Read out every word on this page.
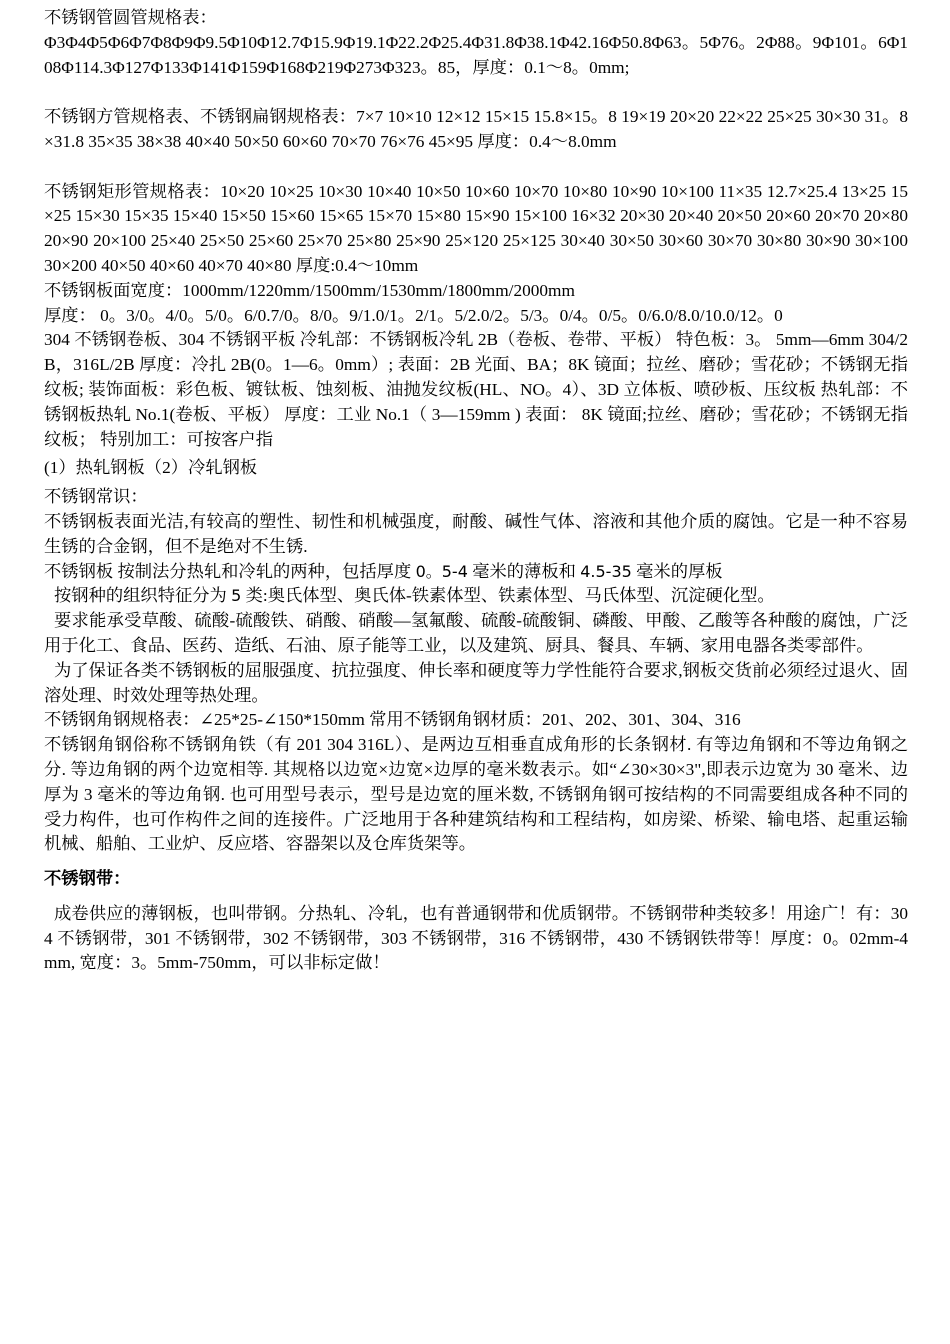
不锈钢管圆管规格表：

Φ3Φ4Φ5Φ6Φ7Φ8Φ9Φ9.5Φ10Φ12.7Φ15.9Φ19.1Φ22.2Φ25.4Φ31.8Φ38.1Φ42.16Φ50.8Φ63。5Φ76。2Φ88。9Φ101。6Φ108Φ114.3Φ127Φ133Φ141Φ159Φ168Φ219Φ273Φ323。85，厚度：0.1～8。0mm;

不锈钢方管规格表、不锈钢扁钢规格表：7×7 10×10 12×12 15×15 15.8×15。8 19×19 20×20 22×22 25×25 30×30 31。8×31.8 35×35 38×38 40×40 50×50 60×60 70×70 76×76 45×95 厚度：0.4～8.0mm

不锈钢矩形管规格表：10×20 10×25 10×30 10×40 10×50 10×60 10×70 10×80 10×90 10×100 11×35 12.7×25.4 13×25 15×25 15×30 15×35 15×40 15×50 15×60 15×65 15×70 15×80 15×90 15×100 16×32 20×30 20×40 20×50 20×60 20×70 20×80 20×90 20×100 25×40 25×50 25×60 25×70 25×80 25×90 25×120 25×125 30×40 30×50 30×60 30×70 30×80 30×90 30×100 30×200 40×50 40×60 40×70 40×80 厚度:0.4～10mm

不锈钢板面宽度：1000mm/1220mm/1500mm/1530mm/1800mm/2000mm

厚度： 0。3/0。4/0。5/0。6/0.7/0。8/0。9/1.0/1。2/1。5/2.0/2。5/3。0/4。0/5。0/6.0/8.0/10.0/12。0

304 不锈钢卷板、304 不锈钢平板 冷轧部：不锈钢板冷轧 2B（卷板、卷带、平板） 特色板：3。 5mm—6mm 304/2B，316L/2B 厚度：冷扎 2B(0。1—6。0mm）; 表面：2B 光面、BA；8K 镜面；拉丝、磨砂；雪花砂；不锈钢无指纹板; 装饰面板：彩色板、镀钛板、蚀刻板、油抛发纹板(HL、NO。4）、3D 立体板、喷砂板、压纹板 热轧部：不锈钢板热轧 No.1(卷板、平板） 厚度：工业 No.1（ 3—159mm ) 表面： 8K 镜面;拉丝、磨砂；雪花砂；不锈钢无指纹板； 特别加工：可按客户指

(1）热轧钢板（2）冷轧钢板

不锈钢常识：

不锈钢板表面光洁,有较高的塑性、韧性和机械强度，耐酸、碱性气体、溶液和其他介质的腐蚀。它是一种不容易生锈的合金钢，但不是绝对不生锈.

不锈钢板 按制法分热轧和冷轧的两种，包括厚度 0。5-4 毫米的薄板和 4.5-35 毫米的厚板

按钢种的组织特征分为 5 类:奥氏体型、奥氏体-铁素体型、铁素体型、马氏体型、沉淀硬化型。

要求能承受草酸、硫酸-硫酸铁、硝酸、硝酸—氢氟酸、硫酸-硫酸铜、磷酸、甲酸、乙酸等各种酸的腐蚀，广泛用于化工、食品、医药、造纸、石油、原子能等工业，以及建筑、厨具、餐具、车辆、家用电器各类零部件。

为了保证各类不锈钢板的屈服强度、抗拉强度、伸长率和硬度等力学性能符合要求,钢板交货前必须经过退火、固溶处理、时效处理等热处理。

不锈钢角钢规格表：∠25*25-∠150*150mm 常用不锈钢角钢材质：201、202、301、304、316

不锈钢角钢俗称不锈钢角铁（有 201 304 316L）、是两边互相垂直成角形的长条钢材. 有等边角钢和不等边角钢之分. 等边角钢的两个边宽相等. 其规格以边宽×边宽×边厚的毫米数表示。如“∠30×30×3",即表示边宽为 30 毫米、边厚为 3 毫米的等边角钢. 也可用型号表示，型号是边宽的厘米数, 不锈钢角钢可按结构的不同需要组成各种不同的受力构件，也可作构件之间的连接件。广泛地用于各种建筑结构和工程结构，如房梁、桥梁、输电塔、起重运输机械、船舶、工业炉、反应塔、容器架以及仓库货架等。

不锈钢带：

成卷供应的薄钢板，也叫带钢。分热轧、冷轧，也有普通钢带和优质钢带。不锈钢带种类较多！用途广！有：304 不锈钢带，301 不锈钢带，302 不锈钢带，303 不锈钢带，316 不锈钢带，430 不锈钢铁带等！厚度：0。02mm-4mm, 宽度：3。5mm-750mm，可以非标定做！
